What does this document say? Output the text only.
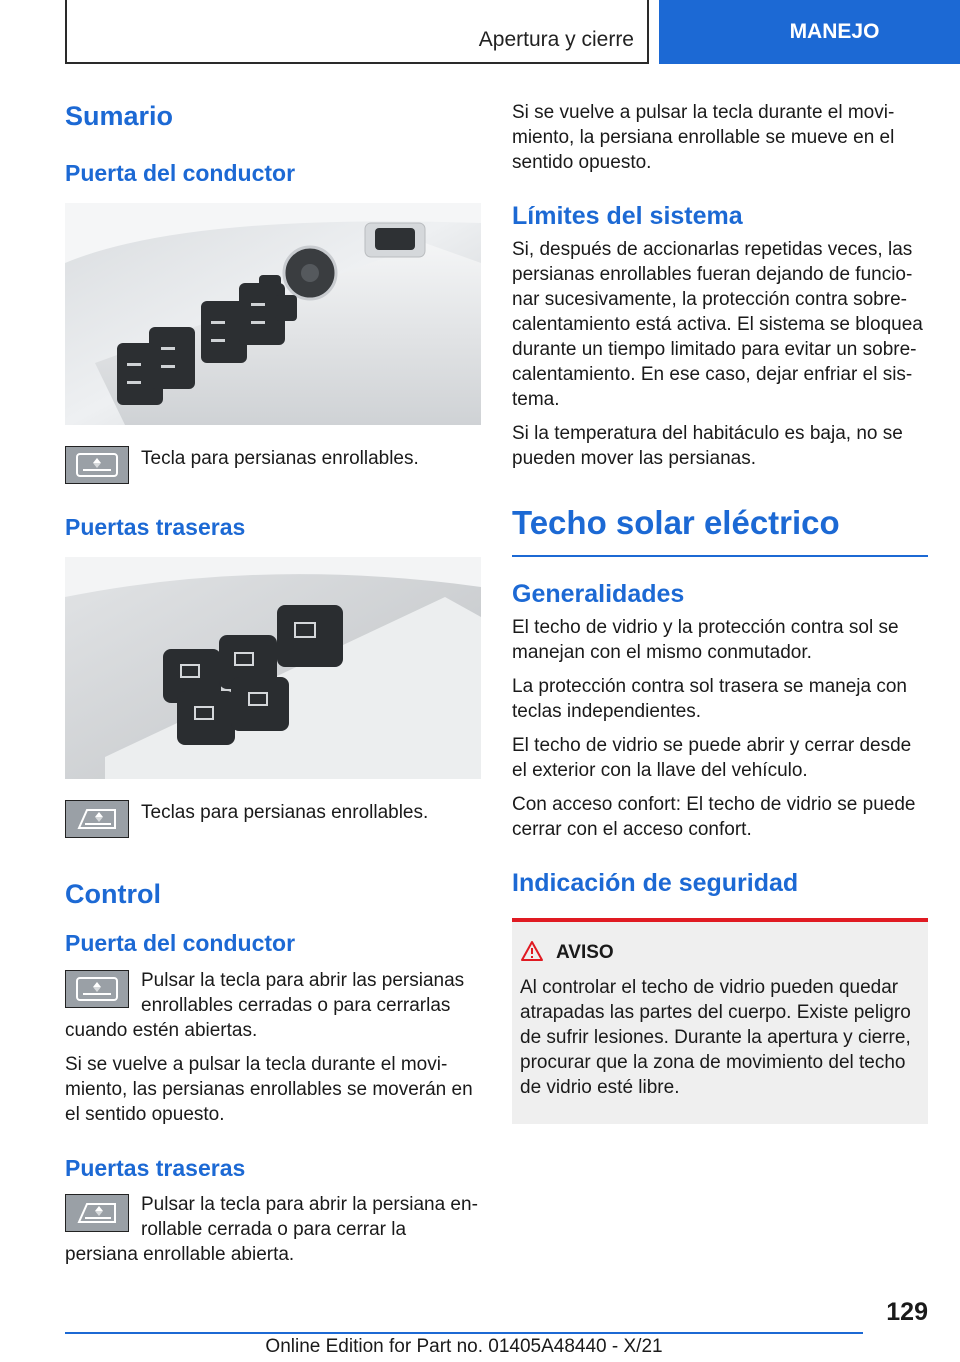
Apertura y cierre	MANEJO
Sumario
Puerta del conductor

Tecla para persianas enrollables.

Puertas traseras

Teclas para persianas enrollables.

Control
Puerta del conductor

Pulsar la tecla para abrir las persianas enrollables cerradas o para cerrarlas cuando estén abiertas.

Si se vuelve a pulsar la tecla durante el movi-miento, las persianas enrollables se moverán en el sentido opuesto.

Puertas traseras

Pulsar la tecla para abrir la persiana en-rollable cerrada o para cerrar la persiana enrollable abierta.

Si se vuelve a pulsar la tecla durante el movi-miento, la persiana enrollable se mueve en el sentido opuesto.

Límites del sistema

Si, después de accionarlas repetidas veces, las persianas enrollables fueran dejando de funcio-nar sucesivamente, la protección contra sobre-calentamiento está activa. El sistema se bloquea durante un tiempo limitado para evitar un sobre-calentamiento. En ese caso, dejar enfriar el sis-tema.

Si la temperatura del habitáculo es baja, no se pueden mover las persianas.

Techo solar eléctrico
Generalidades

El techo de vidrio y la protección contra sol se manejan con el mismo conmutador.

La protección contra sol trasera se maneja con teclas independientes.

El techo de vidrio se puede abrir y cerrar desde el exterior con la llave del vehículo.

Con acceso confort: El techo de vidrio se puede cerrar con el acceso confort.

Indicación de seguridad
AVISO

Al controlar el techo de vidrio pueden quedar atrapadas las partes del cuerpo. Existe peligro de sufrir lesiones. Durante la apertura y cierre, procurar que la zona de movimiento del techo de vidrio esté libre.

129
Online Edition for Part no. 01405A48440 - X/21
